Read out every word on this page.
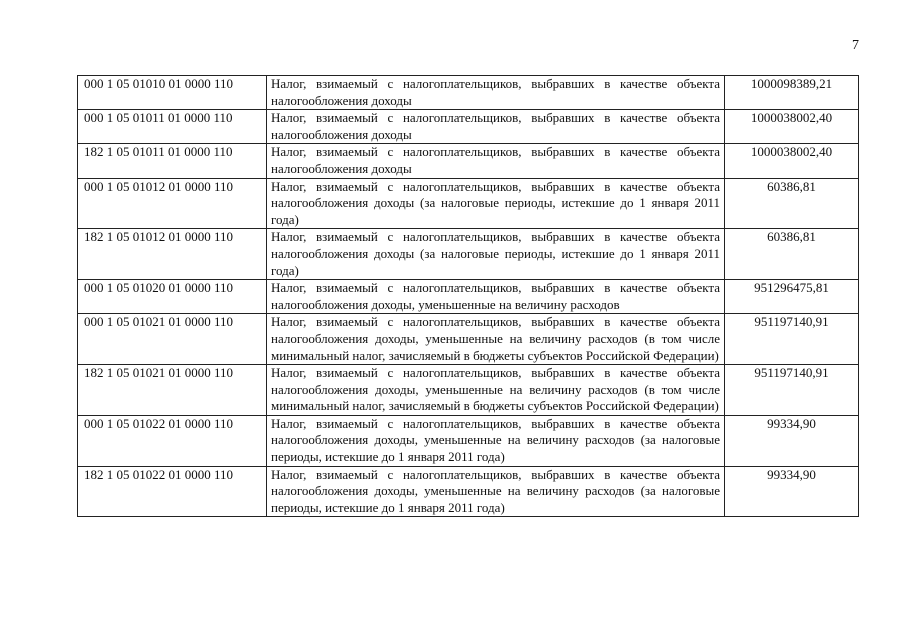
7
000 1 05 01010 01 0000 110	Налог, взимаемый с налогоплательщиков, выбравших в качестве объекта налогообложения доходы	1000098389,21
000 1 05 01011 01 0000 110	Налог, взимаемый с налогоплательщиков, выбравших в качестве объекта налогообложения доходы	1000038002,40
182 1 05 01011 01 0000 110	Налог, взимаемый с налогоплательщиков, выбравших в качестве объекта налогообложения доходы	1000038002,40
000 1 05 01012 01 0000 110	Налог, взимаемый с налогоплательщиков, выбравших в качестве объекта налогообложения доходы (за налоговые периоды, истекшие до 1 января 2011 года)	60386,81
182 1 05 01012 01 0000 110	Налог, взимаемый с налогоплательщиков, выбравших в качестве объекта налогообложения доходы (за налоговые периоды, истекшие до 1 января 2011 года)	60386,81
000 1 05 01020 01 0000 110	Налог, взимаемый с налогоплательщиков, выбравших в качестве объекта налогообложения доходы, уменьшенные на величину расходов	951296475,81
000 1 05 01021 01 0000 110	Налог, взимаемый с налогоплательщиков, выбравших в качестве объекта налогообложения доходы, уменьшенные на величину расходов (в том числе минимальный налог, зачисляемый в бюджеты субъектов Российской Федерации)	951197140,91
182 1 05 01021 01 0000 110	Налог, взимаемый с налогоплательщиков, выбравших в качестве объекта налогообложения доходы, уменьшенные на величину расходов (в том числе минимальный налог, зачисляемый в бюджеты субъектов Российской Федерации)	951197140,91
000 1 05 01022 01 0000 110	Налог, взимаемый с налогоплательщиков, выбравших в качестве объекта налогообложения доходы, уменьшенные на величину расходов (за налоговые периоды, истекшие до 1 января 2011 года)	99334,90
182 1 05 01022 01 0000 110	Налог, взимаемый с налогоплательщиков, выбравших в качестве объекта налогообложения доходы, уменьшенные на величину расходов (за налоговые периоды, истекшие до 1 января 2011 года)	99334,90
